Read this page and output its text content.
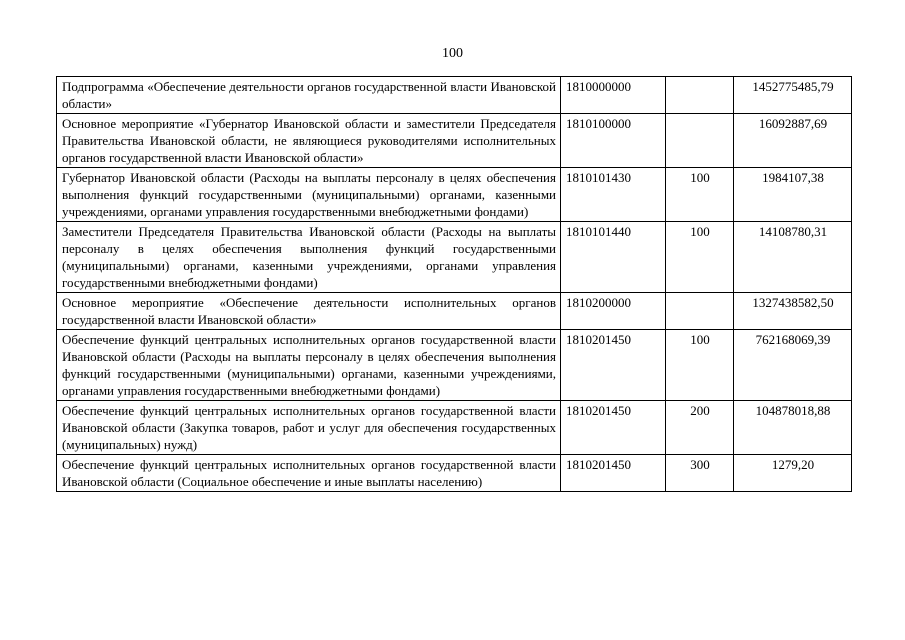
100
Подпрограмма «Обеспечение деятельности органов государственной власти Ивановской области»	1810000000		1452775485,79
Основное мероприятие «Губернатор Ивановской области и заместители Председателя Правительства Ивановской области, не являющиеся руководителями исполнительных органов государственной власти Ивановской области»	1810100000		16092887,69
Губернатор Ивановской области (Расходы на выплаты персоналу в целях обеспечения выполнения функций государственными (муниципальными) органами, казенными учреждениями, органами управления государственными внебюджетными фондами)	1810101430	100	1984107,38
Заместители Председателя Правительства Ивановской области (Расходы на выплаты персоналу в целях обеспечения выполнения функций государственными (муниципальными) органами, казенными учреждениями, органами управления государственными внебюджетными фондами)	1810101440	100	14108780,31
Основное мероприятие «Обеспечение деятельности исполнительных органов государственной власти Ивановской области»	1810200000		1327438582,50
Обеспечение функций центральных исполнительных органов государственной власти Ивановской области (Расходы на выплаты персоналу в целях обеспечения выполнения функций государственными (муниципальными) органами, казенными учреждениями, органами управления государственными внебюджетными фондами)	1810201450	100	762168069,39
Обеспечение функций центральных исполнительных органов государственной власти Ивановской области (Закупка товаров, работ и услуг для обеспечения государственных (муниципальных) нужд)	1810201450	200	104878018,88
Обеспечение функций центральных исполнительных органов государственной власти Ивановской области (Социальное обеспечение и иные выплаты населению)	1810201450	300	1279,20
